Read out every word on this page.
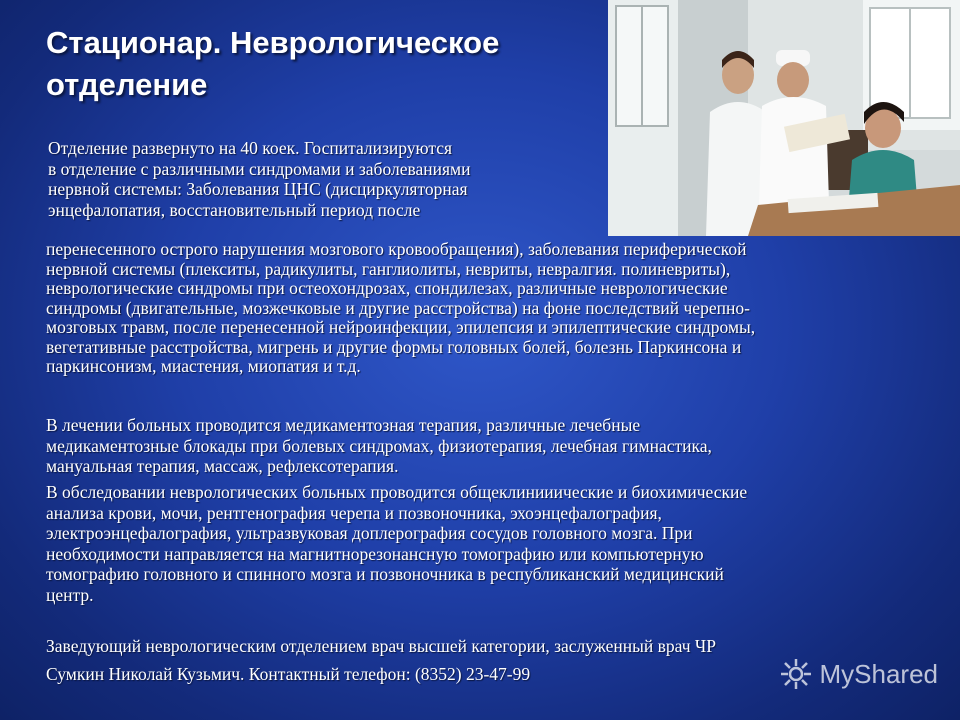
Стационар. Неврологическое
отделение
Отделение развернуто на 40 коек. Госпитализируются
в отделение с различными синдромами и заболеваниями
нервной системы: Заболевания ЦНС (дисциркуляторная
энцефалопатия, восстановительный период после
перенесенного острого нарушения мозгового кровообращения), заболевания периферической
нервной системы (плекситы, радикулиты, ганглиолиты, невриты, невралгия. полиневриты),
неврологические синдромы при остеохондрозах, спондилезах, различные неврологические
синдромы (двигательные, мозжечковые и другие расстройства) на фоне последствий черепно-
мозговых травм, после перенесенной нейроинфекции, эпилепсия и эпилептические синдромы,
вегетативные расстройства, мигрень и другие формы головных болей, болезнь Паркинсона и
паркинсонизм, миастения, миопатия и т.д.
В лечении больных проводится медикаментозная терапия, различные лечебные
медикаментозные блокады при болевых синдромах, физиотерапия, лечебная гимнастика,
мануальная терапия, массаж, рефлексотерапия.
В обследовании неврологических больных проводится общеклинииические и биохимические
анализа крови, мочи, рентгенография черепа и позвоночника, эхоэнцефалография,
электроэнцефалография, ультразвуковая доплерография сосудов головного мозга. При
необходимости направляется на магнитнорезонансную томографию или компьютерную
томографию головного и спинного мозга и позвоночника в республиканский медицинский
центр.
Заведующий неврологическим отделением врач высшей категории, заслуженный врач ЧР
Сумкин Николай Кузьмич. Контактный телефон: (8352) 23-47-99	MyShared
